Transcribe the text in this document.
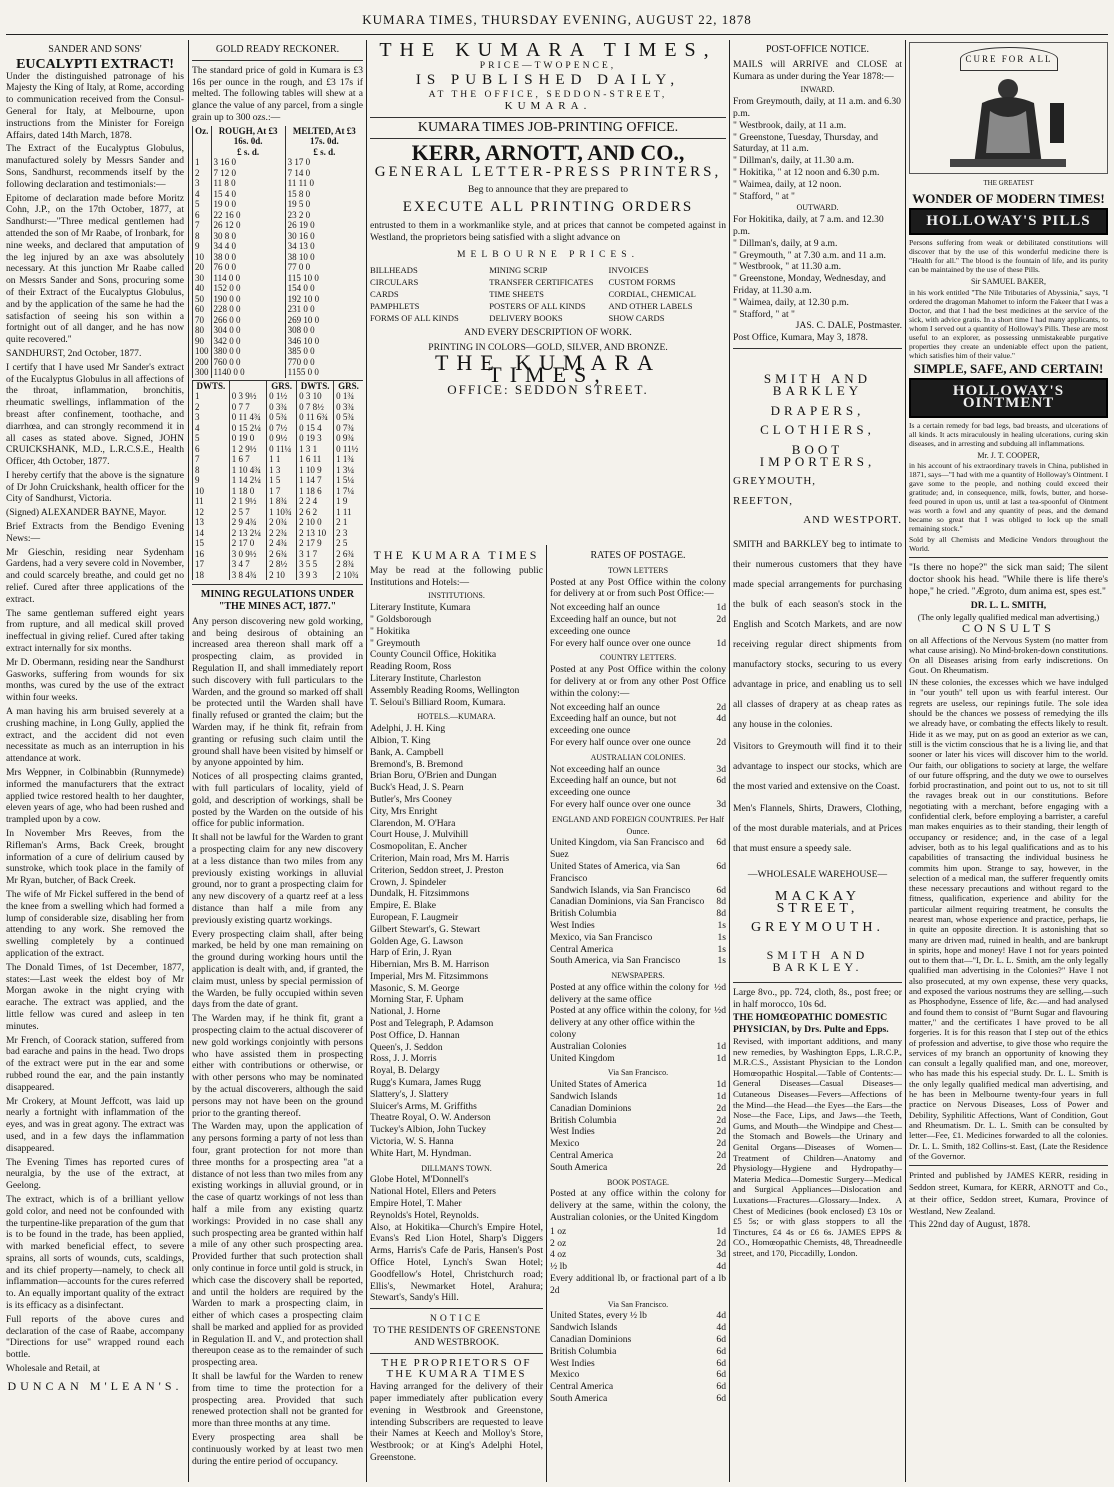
KUMARA TIMES, THURSDAY EVENING, AUGUST 22, 1878
SANDER AND SONS'
EUCALYPTI EXTRACT!

Under the distinguished patronage of his Majesty the King of Italy, at Rome, according to communication received from the Consul-General for Italy, at Melbourne, upon instructions from the Minister for Foreign Affairs, dated 14th March, 1878.

The Extract of the Eucalyptus Globulus, manufactured solely by Messrs Sander and Sons, Sandhurst, recommends itself by the following declaration and testimonials:—

Epitome of declaration made before Moritz Cohn, J.P., on the 17th October, 1877, at Sandhurst:—"Three medical gentlemen had attended the son of Mr Raabe, of Ironbark, for nine weeks, and declared that amputation of the leg injured by an axe was absolutely necessary. At this junction Mr Raabe called on Messrs Sander and Sons, procuring some of their Extract of the Eucalyptus Globulus, and by the application of the same he had the satisfaction of seeing his son within a fortnight out of all danger, and he has now quite recovered."

SANDHURST, 2nd October, 1877.

I certify that I have used Mr Sander's extract of the Eucalyptus Globulus in all affections of the throat, inflammation, bronchitis, rheumatic swellings, inflammation of the breast after confinement, toothache, and diarrhœa, and can strongly recommend it in all cases as stated above. Signed, JOHN CRUICKSHANK, M.D., L.R.C.S.E., Health Officer, 4th October, 1877.

I hereby certify that the above is the signature of Dr John Cruickshank, health officer for the City of Sandhurst, Victoria.

(Signed) ALEXANDER BAYNE, Mayor.

Brief Extracts from the Bendigo Evening News:—

Mr Gieschin, residing near Sydenham Gardens, had a very severe cold in November, and could scarcely breathe, and could get no relief. Cured after three applications of the extract.

The same gentleman suffered eight years from rupture, and all medical skill proved ineffectual in giving relief. Cured after taking extract internally for six months.

Mr D. Obermann, residing near the Sandhurst Gasworks, suffering from wounds for six months, was cured by the use of the extract within four weeks.

A man having his arm bruised severely at a crushing machine, in Long Gully, applied the extract, and the accident did not even necessitate as much as an interruption in his attendance at work.

Mrs Weppner, in Colbinabbin (Runnymede) informed the manufacturers that the extract applied twice restored health to her daughter, eleven years of age, who had been rushed and trampled upon by a cow.

In November Mrs Reeves, from the Rifleman's Arms, Back Creek, brought information of a cure of delirium caused by sunstroke, which took place in the family of Mr Ryan, butcher, of Back Creek.

The wife of Mr Fickel suffered in the bend of the knee from a swelling which had formed a lump of considerable size, disabling her from attending to any work. She removed the swelling completely by a continued application of the extract.

The Donald Times, of 1st December, 1877, states:—Last week the eldest boy of Mr Morgan awoke in the night crying with earache. The extract was applied, and the little fellow was cured and asleep in ten minutes.

Mr French, of Coorack station, suffered from bad earache and pains in the head. Two drops of the extract were put in the ear and some rubbed round the ear, and the pain instantly disappeared.

Mr Crokery, at Mount Jeffcott, was laid up nearly a fortnight with inflammation of the eyes, and was in great agony. The extract was used, and in a few days the inflammation disappeared.

The Evening Times has reported cures of neuralgia, by the use of the extract, at Geelong.

The extract, which is of a brilliant yellow gold color, and need not be confounded with the turpentine-like preparation of the gum that is to be found in the trade, has been applied, with marked beneficial effect, to severe sprains, all sorts of wounds, cuts, scaldings, and its chief property—namely, to check all inflammation—accounts for the cures referred to. An equally important quality of the extract is its efficacy as a disinfectant.

Full reports of the above cures and declaration of the case of Raabe, accompany "Directions for use" wrapped round each bottle.

Wholesale and Retail, at

DUNCAN M'LEAN'S.
GOLD READY RECKONER.

The standard price of gold in Kumara is £3 16s per ounce in the rough, and £3 17s if melted. The following tables will shew at a glance the value of any parcel, from a single grain up to 300 ozs.:—

Oz.	ROUGH, At £3 16s. 0d.	MELTED, At £3 17s. 0d.
	£ s. d.	£ s. d.
1	3 16 0	3 17 0
2	7 12 0	7 14 0
3	11 8 0	11 11 0
4	15 4 0	15 8 0
5	19 0 0	19 5 0
6	22 16 0	23 2 0
7	26 12 0	26 19 0
8	30 8 0	30 16 0
9	34 4 0	34 13 0
10	38 0 0	38 10 0
20	76 0 0	77 0 0
30	114 0 0	115 10 0
40	152 0 0	154 0 0
50	190 0 0	192 10 0
60	228 0 0	231 0 0
70	266 0 0	269 10 0
80	304 0 0	308 0 0
90	342 0 0	346 10 0
100	380 0 0	385 0 0
200	760 0 0	770 0 0
300	1140 0 0	1155 0 0
DWTS.		GRS.	DWTS.	GRS.
1	0 3 9½	0 1½	0 3 10	0 1¾
2	0 7 7	0 3¾	0 7 8½	0 3¾
3	0 11 4¾	0 5¾	0 11 6¾	0 5¾
4	0 15 2¼	0 7½	0 15 4	0 7¾
5	0 19 0	0 9½	0 19 3	0 9¾
6	1 2 9½	0 11¼	1 3 1	0 11½
7	1 6 7	1 1	1 6 11	1 1¾
8	1 10 4¾	1 3	1 10 9	1 3¼
9	1 14 2¼	1 5	1 14 7	1 5¼
10	1 18 0	1 7	1 18 6	1 7¼
11	2 1 9½	1 8¾	2 2 4	1 9
12	2 5 7	1 10¾	2 6 2	1 11
13	2 9 4¾	2 0¾	2 10 0	2 1
14	2 13 2¼	2 2¾	2 13 10	2 3
15	2 17 0	2 4¾	2 17 9	2 5
16	3 0 9½	2 6¾	3 1 7	2 6¾
17	3 4 7	2 8½	3 5 5	2 8¾
18	3 8 4¾	2 10	3 9 3	2 10¾
MINING REGULATIONS UNDER "THE MINES ACT, 1877."

Any person discovering new gold working, and being desirous of obtaining an increased area thereon shall mark off a prospecting claim, as provided in Regulation II, and shall immediately report such discovery with full particulars to the Warden, and the ground so marked off shall be protected until the Warden shall have finally refused or granted the claim; but the Warden may, if he think fit, refrain from granting or refusing such claim until the ground shall have been visited by himself or by anyone appointed by him.

Notices of all prospecting claims granted, with full particulars of locality, yield of gold, and description of workings, shall be posted by the Warden on the outside of his office for public information.

It shall not be lawful for the Warden to grant a prospecting claim for any new discovery at a less distance than two miles from any previously existing workings in alluvial ground, nor to grant a prospecting claim for any new discovery of a quartz reef at a less distance than half a mile from any previously existing quartz workings.

Every prospecting claim shall, after being marked, be held by one man remaining on the ground during working hours until the application is dealt with, and, if granted, the claim must, unless by special permission of the Warden, be fully occupied within seven days from the date of grant.

The Warden may, if he think fit, grant a prospecting claim to the actual discoverer of new gold workings conjointly with persons who have assisted them in prospecting either with contributions or otherwise, or with other persons who may be nominated by the actual discoverers, although the said persons may not have been on the ground prior to the granting thereof.

The Warden may, upon the application of any persons forming a party of not less than four, grant protection for not more than three months for a prospecting area "at a distance of not less than two miles from any existing workings in alluvial ground, or in the case of quartz workings of not less than half a mile from any existing quartz workings: Provided in no case shall any such prospecting area be granted within half a mile of any other such prospecting area. Provided further that such protection shall only continue in force until gold is struck, in which case the discovery shall be reported, and until the holders are required by the Warden to mark a prospecting claim, in either of which cases a prospecting claim shall be marked and applied for as provided in Regulation II. and V., and protection shall thereupon cease as to the remainder of such prospecting area.

It shall be lawful for the Warden to renew from time to time the protection for a prospecting area. Provided that such renewed protection shall not be granted for more than three months at any time.

Every prospecting area shall be continuously worked by at least two men during the entire period of occupancy.

THE KUMARA TIMES,
PRICE—TWOPENCE,
IS PUBLISHED DAILY,
AT THE OFFICE, SEDDON-STREET,
KUMARA.
KUMARA TIMES JOB-PRINTING OFFICE.
KERR, ARNOTT, AND CO.,
GENERAL LETTER-PRESS PRINTERS,
Beg to announce that they are prepared to
EXECUTE ALL PRINTING ORDERS

entrusted to them in a workmanlike style, and at prices that cannot be competed against in Westland, the proprietors being satisfied with a slight advance on

MELBOURNE PRICES.
BILLHEADS	MINING SCRIP	INVOICES
CIRCULARS	TRANSFER CERTIFICATES	CUSTOM FORMS
CARDS	TIME SHEETS	CORDIAL, CHEMICAL
PAMPHLETS	POSTERS OF ALL KINDS	AND OTHER LABELS
FORMS OF ALL KINDS	DELIVERY BOOKS	SHOW CARDS
AND EVERY DESCRIPTION OF WORK.
PRINTING IN COLORS—GOLD, SILVER, AND BRONZE.
THE KUMARA TIMES,
OFFICE: SEDDON STREET.
THE KUMARA TIMES

May be read at the following public Institutions and Hotels:—

INSTITUTIONS.
Literary Institute, Kumara
" Goldsborough
" Hokitika
" Greymouth
County Council Office, Hokitika
Reading Room, Ross
Literary Institute, Charleston
Assembly Reading Rooms, Wellington
T. Seloui's Billiard Room, Kumara.
HOTELS.—KUMARA.
Adelphi, J. H. King
Albion, T. King
Bank, A. Campbell
Bremond's, B. Bremond
Brian Boru, O'Brien and Dungan
Buck's Head, J. S. Pearn
Butler's, Mrs Cooney
City, Mrs Enright
Clarendon, M. O'Hara
Court House, J. Mulvihill
Cosmopolitan, E. Ancher
Criterion, Main road, Mrs M. Harris
Criterion, Seddon street, J. Preston
Crown, J. Spindeler
Dundalk, H. Fitzsimmons
Empire, E. Blake
European, F. Laugmeir
Gilbert Stewart's, G. Stewart
Golden Age, G. Lawson
Harp of Erin, J. Ryan
Hibernian, Mrs B. M. Harrison
Imperial, Mrs M. Fitzsimmons
Masonic, S. M. George
Morning Star, F. Upham
National, J. Horne
Post and Telegraph, P. Adamson
Post Office, D. Hannan
Queen's, J. Seddon
Ross, J. J. Morris
Royal, B. Delargy
Rugg's Kumara, James Rugg
Slattery's, J. Slattery
Sluicer's Arms, M. Griffiths
Theatre Royal, O. W. Anderson
Tuckey's Albion, John Tuckey
Victoria, W. S. Hanna
White Hart, M. Hyndman.
DILLMAN'S TOWN.
Globe Hotel, M'Donnell's
National Hotel, Ellers and Peters
Empire Hotel, T. Maher
Reynolds's Hotel, Reynolds.

Also, at Hokitika—Church's Empire Hotel, Evans's Red Lion Hotel, Sharp's Diggers Arms, Harris's Cafe de Paris, Hansen's Post Office Hotel, Lynch's Swan Hotel; Goodfellow's Hotel, Christchurch road; Ellis's, Newmarket Hotel, Arahura; Stewart's, Sandy's Hill.

NOTICE
TO THE RESIDENTS OF GREENSTONE AND WESTBROOK.
THE PROPRIETORS OF THE KUMARA TIMES

Having arranged for the delivery of their paper immediately after publication every evening in Westbrook and Greenstone, intending Subscribers are requested to leave their Names at Keech and Molloy's Store, Westbrook; or at King's Adelphi Hotel, Greenstone.

RATES OF POSTAGE.
TOWN LETTERS

Posted at any Post Office within the colony for delivery at or from such Post Office:—

Not exceeding half an ounce	1d
Exceeding half an ounce, but not exceeding one ounce
2d
For every half ounce over one ounce	1d
COUNTRY LETTERS.

Posted at any Post Office within the colony for delivery at or from any other Post Office within the colony:—

Not exceeding half an ounce	2d
Exceeding half an ounce, but not exceeding one ounce
4d
For every half ounce over one ounce	2d
AUSTRALIAN COLONIES.
Not exceeding half an ounce	3d
Exceeding half an ounce, but not exceeding one ounce
6d
For every half ounce over one ounce	3d
ENGLAND AND FOREIGN COUNTRIES. Per Half Ounce.
United Kingdom, via San Francisco and Suez
6d
United States of America, via San Francisco
6d
Sandwich Islands, via San Francisco	6d
Canadian Dominions, via San Francisco 8d
British Columbia	8d
West Indies	1s
Mexico, via San Francisco	1s
Central America	1s
South America, via San Francisco	1s
NEWSPAPERS.
Posted at any office within the colony for delivery at the same office
½d
Posted at any office within the colony, for delivery at any other office within the colony
½d
Australian Colonies	1d
United Kingdom	1d
Via San Francisco.
United States of America	1d
Sandwich Islands	1d
Canadian Dominions	2d
British Columbia	2d
West Indies	2d
Mexico	2d
Central America	2d
South America	2d
BOOK POSTAGE.

Posted at any office within the colony for delivery at the same, within the colony, the Australian colonies, or the United Kingdom

1 oz	1d
2 oz	2d
4 oz	3d
½ lb	4d

Every additional lb, or fractional part of a lb 2d

Via San Francisco.
United States, every ½ lb	4d
Sandwich Islands	4d
Canadian Dominions	6d
British Columbia	6d
West Indies	6d
Mexico	6d
Central America	6d
South America	6d
POST-OFFICE NOTICE.

MAILS will ARRIVE and CLOSE at Kumara as under during the Year 1878:—

INWARD.
From Greymouth, daily, at 11 a.m. and 6.30 p.m.
" Westbrook, daily, at 11 a.m.
" Greenstone, Tuesday, Thursday, and Saturday, at 11 a.m.
" Dillman's, daily, at 11.30 a.m.
" Hokitika, " at 12 noon and 6.30 p.m.
" Waimea, daily, at 12 noon.
" Stafford, " at "
OUTWARD.
For Hokitika, daily, at 7 a.m. and 12.30 p.m.
" Dillman's, daily, at 9 a.m.
" Greymouth, " at 7.30 a.m. and 11 a.m.
" Westbrook, " at 11.30 a.m.
" Greenstone, Monday, Wednesday, and Friday, at 11.30 a.m.
" Waimea, daily, at 12.30 p.m.
" Stafford, " at "
JAS. C. DALE, Postmaster.
Post Office, Kumara, May 3, 1878.
SMITH AND BARKLEY
DRAPERS,
CLOTHIERS,
BOOT IMPORTERS,
GREYMOUTH,
REEFTON,
AND WESTPORT.

SMITH and BARKLEY beg to intimate to their numerous customers that they have made special arrangements for purchasing the bulk of each season's stock in the English and Scotch Markets, and are now receiving regular direct shipments from manufactory stocks, securing to us every advantage in price, and enabling us to sell all classes of drapery at as cheap rates as any house in the colonies.

Visitors to Greymouth will find it to their advantage to inspect our stocks, which are the most varied and extensive on the Coast.

Men's Flannels, Shirts, Drawers, Clothing, of the most durable materials, and at Prices that must ensure a speedy sale.

—WHOLESALE WAREHOUSE—
MACKAY STREET,
GREYMOUTH.
SMITH AND BARKLEY.

Large 8vo., pp. 724, cloth, 8s., post free; or in half morocco, 10s 6d.

THE HOMŒOPATHIC DOMESTIC PHYSICIAN, by Drs. Pulte and Epps.

Revised, with important additions, and many new remedies, by Washington Epps, L.R.C.P., M.R.C.S., Assistant Physician to the London Homœopathic Hospital.—Table of Contents:—General Diseases—Casual Diseases—Cutaneous Diseases—Fevers—Affections of the Mind—the Head—the Eyes—the Ears—the Nose—the Face, Lips, and Jaws—the Teeth, Gums, and Mouth—the Windpipe and Chest—the Stomach and Bowels—the Urinary and Genital Organs—Diseases of Women—Treatment of Children—Anatomy and Physiology—Hygiene and Hydropathy—Materia Medica—Domestic Surgery—Medical and Surgical Appliances—Dislocation and Luxations—Fractures—Glossary—Index. A Chest of Medicines (book enclosed) £3 10s or £5 5s; or with glass stoppers to all the Tinctures, £4 4s or £6 6s. JAMES EPPS & CO., Homœopathic Chemists, 48, Threadneedle street, and 170, Piccadilly, London.

CURE FOR ALL
THE GREATEST
WONDER OF MODERN TIMES!
HOLLOWAY'S PILLS

Persons suffering from weak or debilitated constitutions will discover that by the use of this wonderful medicine there is "Health for all." The blood is the fountain of life, and its purity can be maintained by the use of these Pills.

Sir SAMUEL BAKER,

in his work entitled "The Nile Tributaries of Abyssinia," says, "I ordered the dragoman Mahomet to inform the Fakeer that I was a Doctor, and that I had the best medicines at the service of the sick, with advice gratis. In a short time I had many applicants, to whom I served out a quantity of Holloway's Pills. These are most useful to an explorer, as possessing unmistakeable purgative properties they create an undeniable effect upon the patient, which satisfies him of their value."

SIMPLE, SAFE, AND CERTAIN!
HOLLOWAY'S OINTMENT

Is a certain remedy for bad legs, bad breasts, and ulcerations of all kinds. It acts miraculously in healing ulcerations, curing skin diseases, and in arresting and subduing all inflammations.

Mr. J. T. COOPER,

in his account of his extraordinary travels in China, published in 1871, says—"I had with me a quantity of Holloway's Ointment. I gave some to the people, and nothing could exceed their gratitude; and, in consequence, milk, fowls, butter, and horse-feed poured in upon us, until at last a tea-spoonful of Ointment was worth a fowl and any quantity of peas, and the demand became so great that I was obliged to lock up the small remaining stock."

Sold by all Chemists and Medicine Vendors throughout the World.

"Is there no hope?" the sick man said; The silent doctor shook his head. "While there is life there's hope," he cried. "Ægroto, dum anima est, spes est."

DR. L. L. SMITH,
(The only legally qualified medical man advertising,)
CONSULTS

on all Affections of the Nervous System (no matter from what cause arising). No Mind-broken-down constitutions. On all Diseases arising from early indiscretions. On Gout. On Rheumatism.

IN these colonies, the excesses which we have indulged in "our youth" tell upon us with fearful interest. Our regrets are useless, our repinings futile. The sole idea should be the chances we possess of remedying the ills we already have, or combating the effects likely to result. Hide it as we may, put on as good an exterior as we can, still is the victim conscious that he is a living lie, and that sooner or later his vices will discover him to the world. Our faith, our obligations to society at large, the welfare of our future offspring, and the duty we owe to ourselves forbid procrastination, and point out to us, not to sit till the ravages break out in our constitutions. Before negotiating with a merchant, before engaging with a confidential clerk, before employing a barrister, a careful man makes enquiries as to their standing, their length of occupancy or residence; and, in the case of a legal adviser, both as to his legal qualifications and as to his capabilities of transacting the individual business he commits him upon. Strange to say, however, in the selection of a medical man, the sufferer frequently omits these necessary precautions and without regard to the fitness, qualification, experience and ability for the particular ailment requiring treatment, he consults the nearest man, whose experience and practice, perhaps, lie in quite an opposite direction. It is astonishing that so many are driven mad, ruined in health, and are bankrupt in spirits, hope and money! Have I not for years pointed out to them that—"I, Dr. L. L. Smith, am the only legally qualified man advertising in the Colonies?" Have I not also prosecuted, at my own expense, these very quacks, and exposed the various nostrums they are selling,—such as Phosphodyne, Essence of life, &c.—and had analysed and found them to consist of "Burnt Sugar and flavouring matter," and the certificates I have proved to be all forgeries. It is for this reason that I step out of the ethics of profession and advertise, to give those who require the services of my branch an opportunity of knowing they can consult a legally qualified man, and one, moreover, who has made this his especial study. Dr. L. L. Smith is the only legally qualified medical man advertising, and he has been in Melbourne twenty-four years in full practice on Nervous Diseases, Loss of Power and Debility, Syphilitic Affections, Want of Condition, Gout and Rheumatism. Dr. L. L. Smith can be consulted by letter—Fee, £1. Medicines forwarded to all the colonies. Dr. L. L. Smith, 182 Collins-st. East, (Late the Residence of the Governor.

Printed and published by JAMES KERR, residing in Seddon street, Kumara, for KERR, ARNOTT and Co., at their office, Seddon street, Kumara, Province of Westland, New Zealand.

This 22nd day of August, 1878.
